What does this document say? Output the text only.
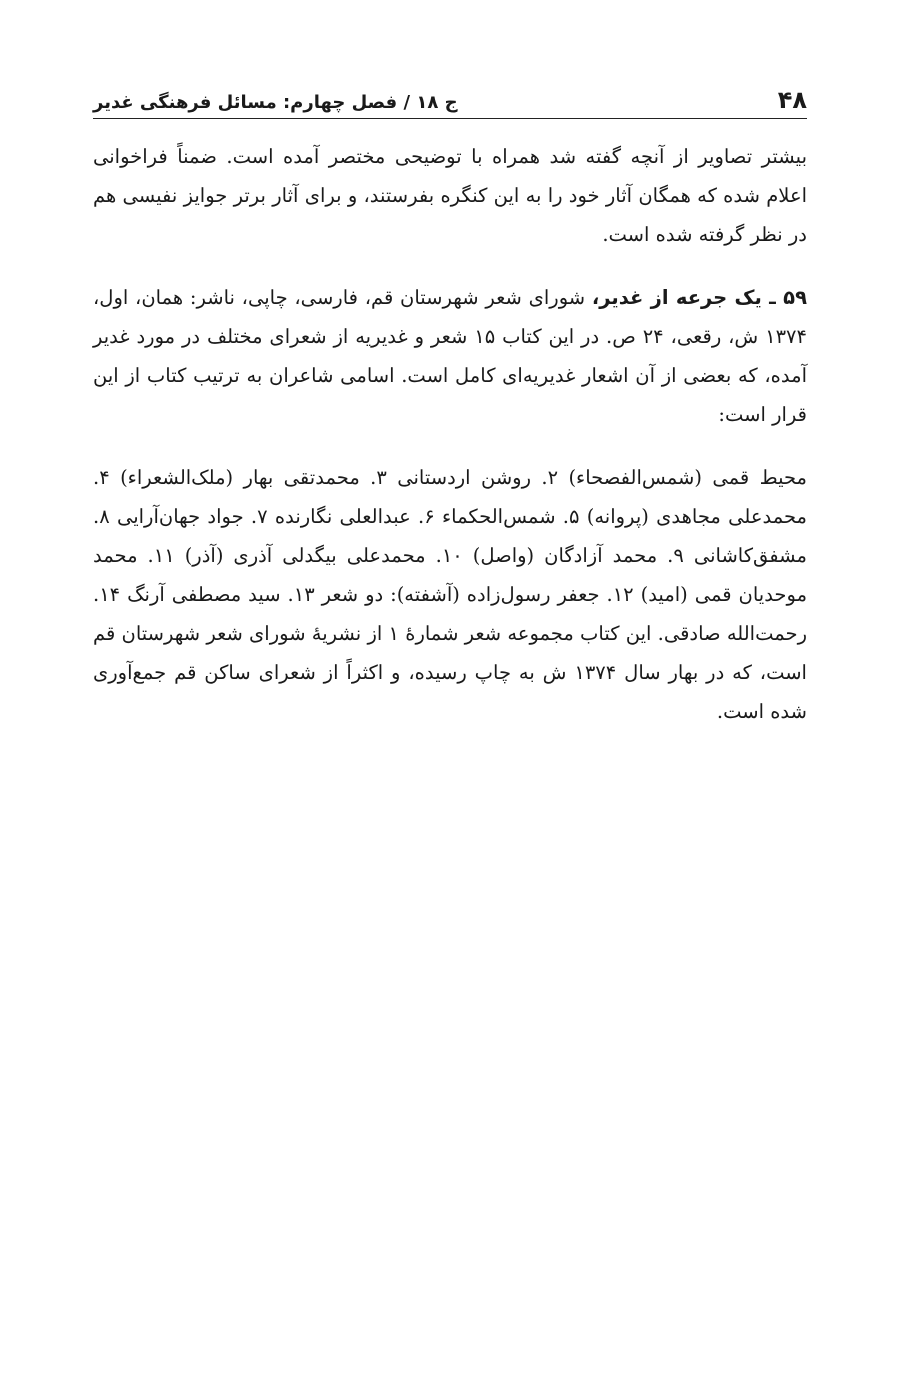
۴۸
ج ۱۸ / فصل چهارم: مسائل فرهنگی غدیر

بیشتر تصاویر از آنچه گفته شد همراه با توضیحی مختصر آمده است. ضمناً فراخوانی اعلام شده که همگان آثار خود را به این کنگره بفرستند، و برای آثار برتر جوایز نفیسی هم در نظر گرفته شده است.

۵۹ ـ یک جرعه از غدیر، شورای شعر شهرستان قم، فارسی، چاپی، ناشر: همان، اول، ۱۳۷۴ ش، رقعی، ۲۴ ص. در این کتاب ۱۵ شعر و غدیریه از شعرای مختلف در مورد غدیر آمده، که بعضی از آن اشعار غدیریه‌ای کامل است. اسامی شاعران به ترتیب کتاب از این قرار است:

محیط قمی (شمس‌الفصحاء) ۲. روشن اردستانی ۳. محمدتقی بهار (ملک‌الشعراء) ۴. محمدعلی مجاهدی (پروانه) ۵. شمس‌الحکماء ۶. عبدالعلی نگارنده ۷. جواد جهان‌آرایی ۸. مشفق‌کاشانی ۹. محمد آزادگان (واصل) ۱۰. محمدعلی بیگدلی آذری (آذر) ۱۱. محمد موحدیان قمی (امید) ۱۲. جعفر رسول‌زاده (آشفته): دو شعر ۱۳. سید مصطفی آرنگ ۱۴. رحمت‌الله صادقی. این کتاب مجموعه شعر شمارهٔ ۱ از نشریهٔ شورای شعر شهرستان قم است، که در بهار سال ۱۳۷۴ ش به چاپ رسیده، و اکثراً از شعرای ساکن قم جمع‌آوری شده است.
